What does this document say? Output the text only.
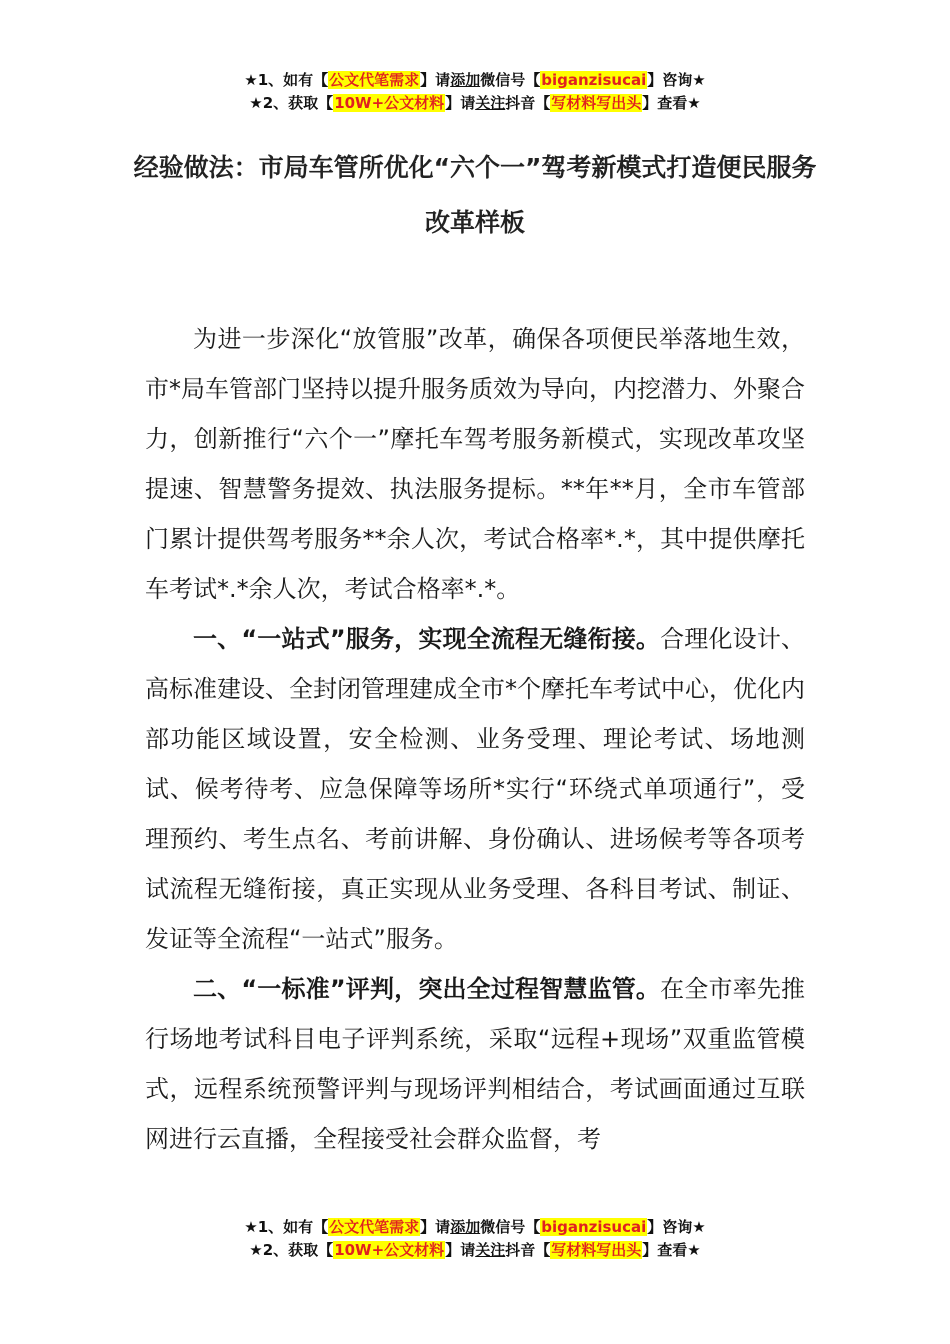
★1、如有【公文代笔需求】请添加微信号【biganzisucai】咨询★
★2、获取【10W+公文材料】请关注抖音【写材料写出头】查看★
经验做法：市局车管所优化“六个一”驾考新模式打造便民服务改革样板

为进一步深化“放管服”改革，确保各项便民举落地生效，市*局车管部门坚持以提升服务质效为导向，内挖潜力、外聚合力，创新推行“六个一”摩托车驾考服务新模式，实现改革攻坚提速、智慧警务提效、执法服务提标。**年**月，全市车管部门累计提供驾考服务**余人次，考试合格率*.*，其中提供摩托车考试*.*余人次，考试合格率*.*。

一、“一站式”服务，实现全流程无缝衔接。合理化设计、高标准建设、全封闭管理建成全市*个摩托车考试中心，优化内部功能区域设置，安全检测、业务受理、理论考试、场地测试、候考待考、应急保障等场所*实行“环绕式单项通行”，受理预约、考生点名、考前讲解、身份确认、进场候考等各项考试流程无缝衔接，真正实现从业务受理、各科目考试、制证、发证等全流程“一站式”服务。

二、“一标准”评判，突出全过程智慧监管。在全市率先推行场地考试科目电子评判系统，采取“远程+现场”双重监管模式，远程系统预警评判与现场评判相结合，考试画面通过互联网进行云直播，全程接受社会群众监督，考

★1、如有【公文代笔需求】请添加微信号【biganzisucai】咨询★
★2、获取【10W+公文材料】请关注抖音【写材料写出头】查看★
